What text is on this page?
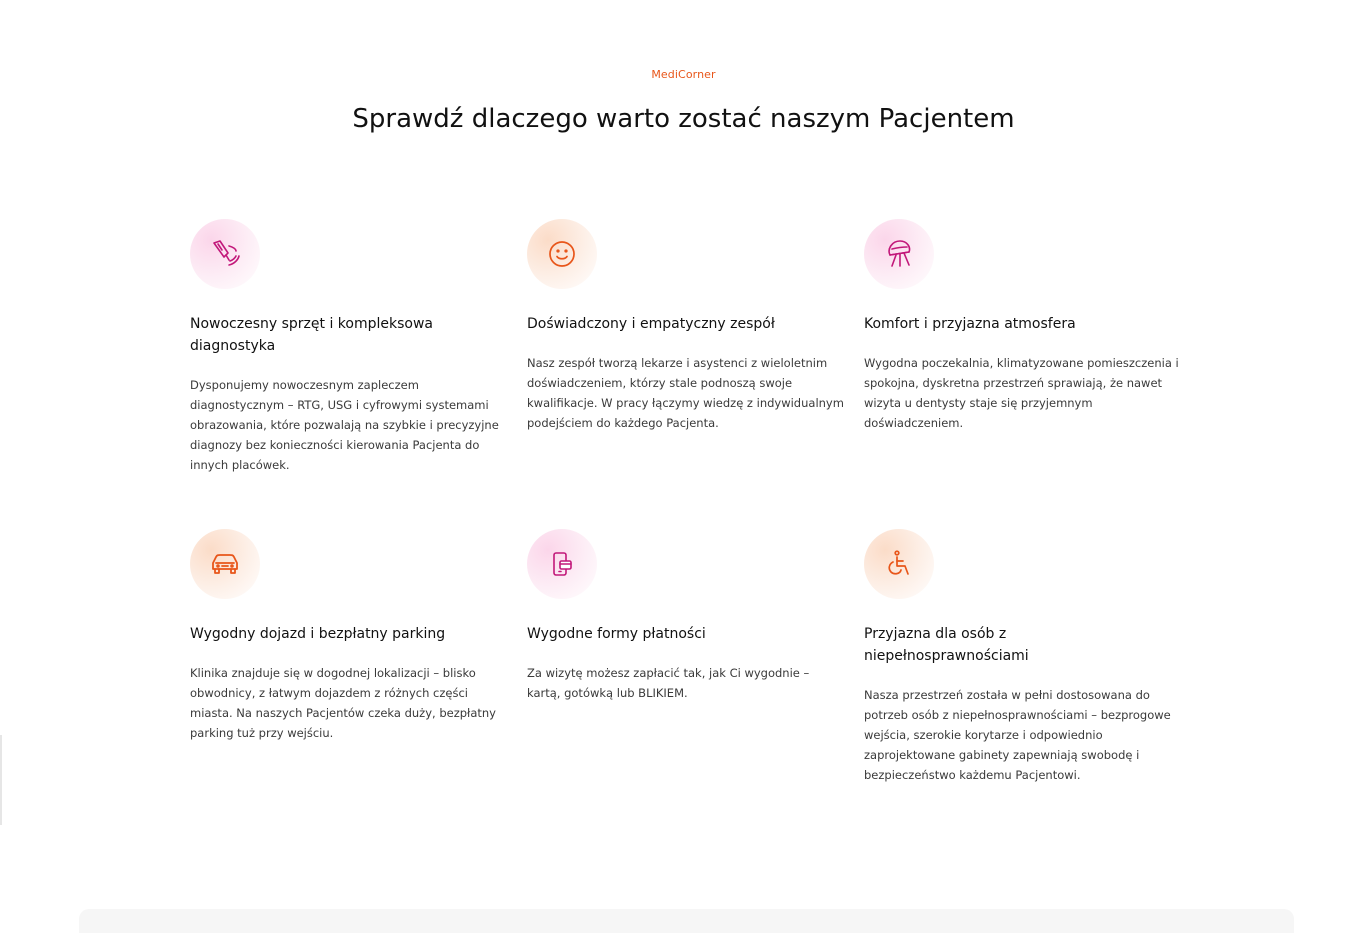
MediCorner
Sprawdź dlaczego warto zostać naszym Pacjentem
Nowoczesny sprzęt i kompleksowa diagnostyka
Dysponujemy nowoczesnym zapleczem diagnostycznym – RTG, USG i cyfrowymi systemami obrazowania, które pozwalają na szybkie i precyzyjne diagnozy bez konieczności kierowania Pacjenta do innych placówek.
Doświadczony i empatyczny zespół
Nasz zespół tworzą lekarze i asystenci z wieloletnim doświadczeniem, którzy stale podnoszą swoje kwalifikacje. W pracy łączymy wiedzę z indywidualnym podejściem do każdego Pacjenta.
Komfort i przyjazna atmosfera
Wygodna poczekalnia, klimatyzowane pomieszczenia i spokojna, dyskretna przestrzeń sprawiają, że nawet wizyta u dentysty staje się przyjemnym doświadczeniem.
Wygodny dojazd i bezpłatny parking
Klinika znajduje się w dogodnej lokalizacji – blisko obwodnicy, z łatwym dojazdem z różnych części miasta. Na naszych Pacjentów czeka duży, bezpłatny parking tuż przy wejściu.
Wygodne formy płatności
Za wizytę możesz zapłacić tak, jak Ci wygodnie – kartą, gotówką lub BLIKIEM.
Przyjazna dla osób z niepełnosprawnościami
Nasza przestrzeń została w pełni dostosowana do potrzeb osób z niepełnosprawnościami – bezprogowe wejścia, szerokie korytarze i odpowiednio zaprojektowane gabinety zapewniają swobodę i bezpieczeństwo każdemu Pacjentowi.
